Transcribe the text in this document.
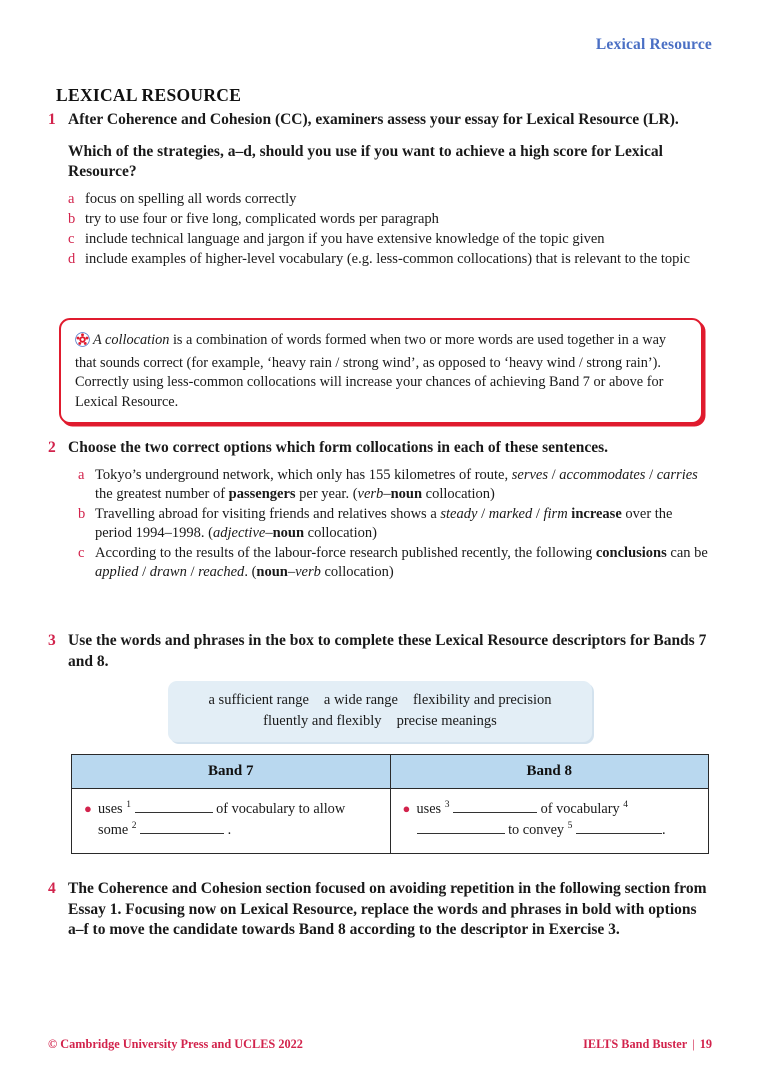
Lexical Resource
LEXICAL RESOURCE
1 After Coherence and Cohesion (CC), examiners assess your essay for Lexical Resource (LR).

Which of the strategies, a–d, should you use if you want to achieve a high score for Lexical Resource?

a focus on spelling all words correctly
b try to use four or five long, complicated words per paragraph
c include technical language and jargon if you have extensive knowledge of the topic given
d include examples of higher-level vocabulary (e.g. less-common collocations) that is relevant to the topic
A collocation is a combination of words formed when two or more words are used together in a way that sounds correct (for example, ‘heavy rain / strong wind’, as opposed to ‘heavy wind / strong rain’). Correctly using less-common collocations will increase your chances of achieving Band 7 or above for Lexical Resource.
2 Choose the two correct options which form collocations in each of these sentences.

a Tokyo’s underground network, which only has 155 kilometres of route, serves / accommodates / carries the greatest number of passengers per year. (verb–noun collocation)
b Travelling abroad for visiting friends and relatives shows a steady / marked / firm increase over the period 1994–1998. (adjective–noun collocation)
c According to the results of the labour-force research published recently, the following conclusions can be applied / drawn / reached. (noun–verb collocation)
3 Use the words and phrases in the box to complete these Lexical Resource descriptors for Bands 7 and 8.

a sufficient range a wide range flexibility and precision
fluently and flexibly precise meanings
Band 7	Band 8

● uses $^1$ of vocabulary to allow some $^2$ .	● uses $^3$ of vocabulary $^4$  to convey $^5$ .
4 The Coherence and Cohesion section focused on avoiding repetition in the following section from Essay 1. Focusing now on Lexical Resource, replace the words and phrases in bold with options a–f to move the candidate towards Band 8 according to the descriptor in Exercise 3.

© Cambridge University Press and UCLES 2022	IELTS Band Buster | 19
